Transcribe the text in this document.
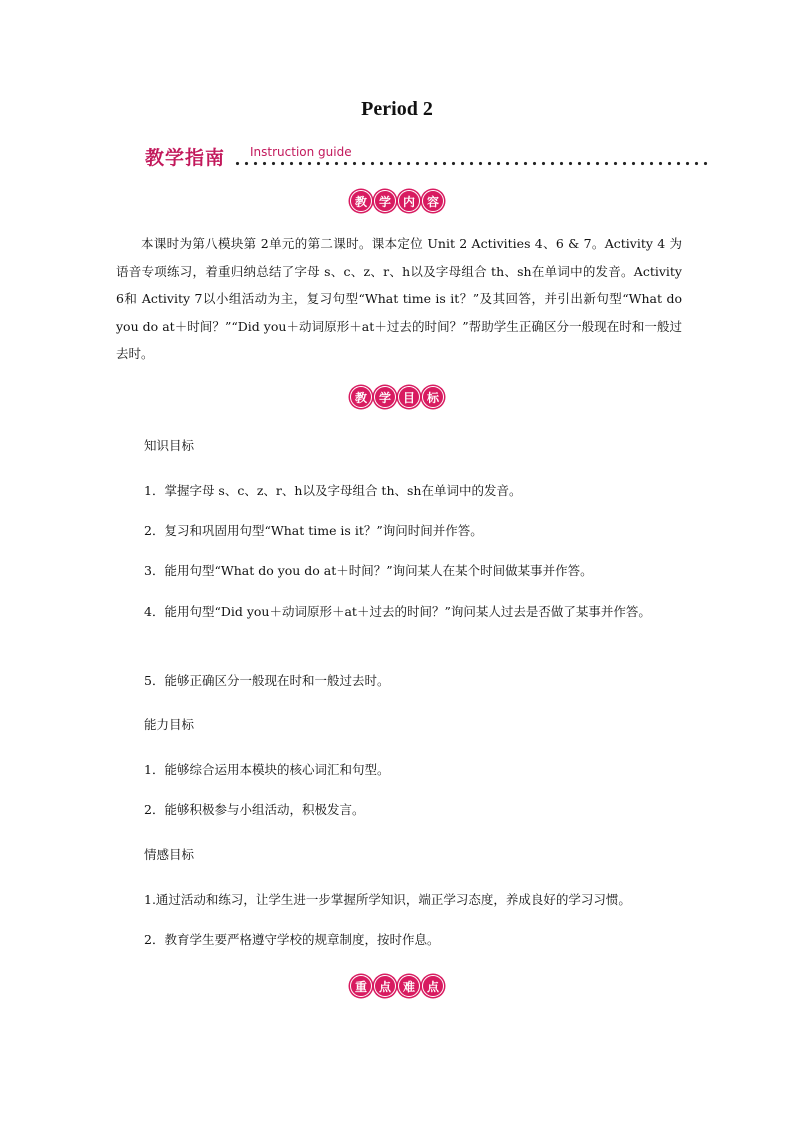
Period 2
教学指南 Instruction guide
教 学 内 容
本课时为第八模块第 2单元的第二课时。课本定位 Unit 2 Activities 4、6 & 7。Activity 4 为语音专项练习，着重归纳总结了字母 s、c、z、r、h以及字母组合 th、sh在单词中的发音。Activity 6和 Activity 7以小组活动为主，复习句型“What time is it？”及其回答，并引出新句型“What do you do at＋时间？”“Did you＋动词原形＋at＋过去的时间？”帮助学生正确区分一般现在时和一般过去时。
教 学 目 标
知识目标
1．掌握字母 s、c、z、r、h以及字母组合 th、sh在单词中的发音。
2．复习和巩固用句型“What time is it？”询问时间并作答。
3．能用句型“What do you do at＋时间？”询问某人在某个时间做某事并作答。
4．能用句型“Did you＋动词原形＋at＋过去的时间？”询问某人过去是否做了某事并作答。
5．能够正确区分一般现在时和一般过去时。
能力目标
1．能够综合运用本模块的核心词汇和句型。
2．能够积极参与小组活动，积极发言。
情感目标
1.通过活动和练习，让学生进一步掌握所学知识，端正学习态度，养成良好的学习习惯。
2．教育学生要严格遵守学校的规章制度，按时作息。
重 点 难 点
